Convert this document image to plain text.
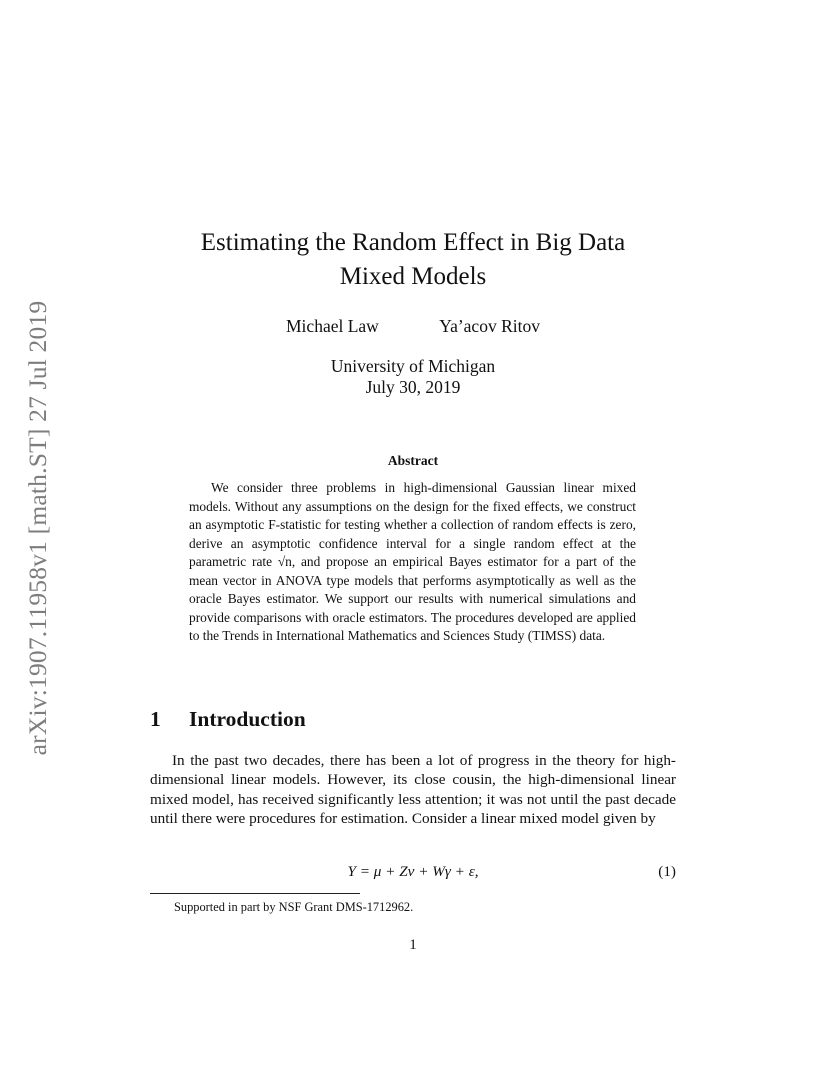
arXiv:1907.11958v1 [math.ST] 27 Jul 2019
Estimating the Random Effect in Big Data
Mixed Models
Michael Law	Ya’acov Ritov
University of Michigan
July 30, 2019
Abstract

We consider three problems in high-dimensional Gaussian linear mixed models. Without any assumptions on the design for the fixed effects, we construct an asymptotic F-statistic for testing whether a collection of random effects is zero, derive an asymptotic confidence interval for a single random effect at the parametric rate √n, and propose an empirical Bayes estimator for a part of the mean vector in ANOVA type models that performs asymptotically as well as the oracle Bayes estimator. We support our results with numerical simulations and provide comparisons with oracle estimators. The procedures developed are applied to the Trends in International Mathematics and Sciences Study (TIMSS) data.

1 Introduction

In the past two decades, there has been a lot of progress in the theory for high-dimensional linear models. However, its close cousin, the high-dimensional linear mixed model, has received significantly less attention; it was not until the past decade until there were procedures for estimation. Consider a linear mixed model given by

Y = μ + Zν + Wγ + ε,	(1)
Supported in part by NSF Grant DMS-1712962.
1
